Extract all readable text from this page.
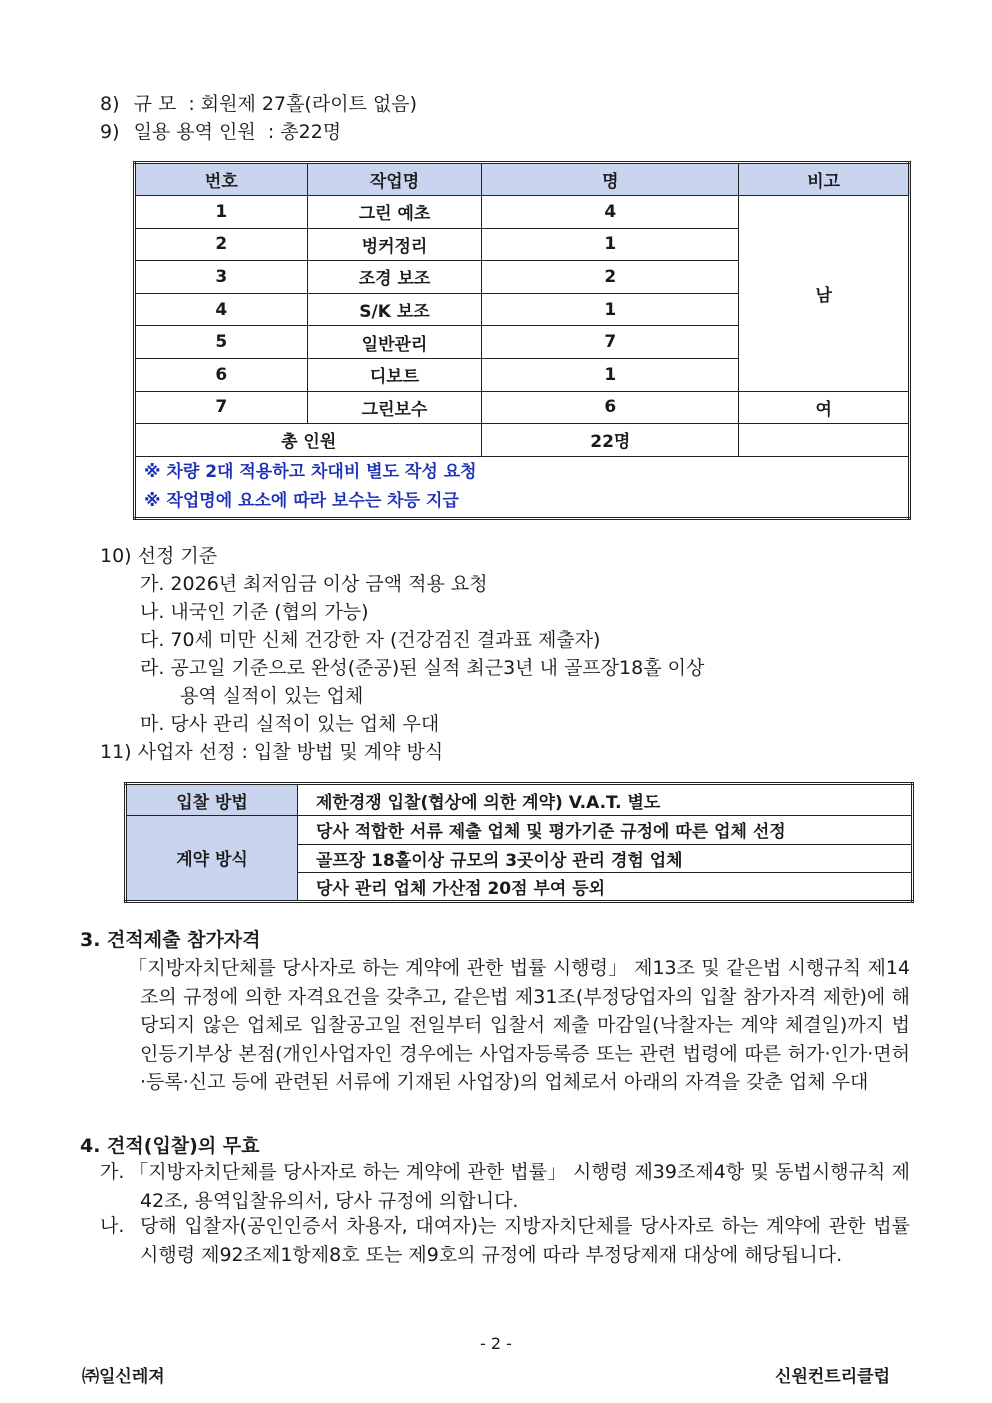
8) 규 모 : 회원제 27홀(라이트 없음)
9) 일용 용역 인원 : 총22명
번호	작업명	명	비고
1	그린 예초	4	남
2	벙커정리	1	
3	조경 보조	2	
4	S/K 보조	1	
5	일반관리	7	
6	디보트	1	
7	그린보수	6	여
총 인원		22명	

※ 차량 2대 적용하고 차대비 별도 작성 요청
※ 작업명에 요소에 따라 보수는 차등 지급			
10) 선정 기준
가. 2026년 최저임금 이상 금액 적용 요청
나. 내국인 기준 (협의 가능)
다. 70세 미만 신체 건강한 자 (건강검진 결과표 제출자)
라. 공고일 기준으로 완성(준공)된 실적 최근3년 내 골프장18홀 이상
용역 실적이 있는 업체
마. 당사 관리 실적이 있는 업체 우대
11) 사업자 선정 : 입찰 방법 및 계약 방식
입찰 방법	제한경쟁 입찰(협상에 의한 계약) V.A.T. 별도
계약 방식	당사 적합한 서류 제출 업체 및 평가기준 규정에 따른 업체 선정
	골프장 18홀이상 규모의 3곳이상 관리 경험 업체
	당사 관리 업체 가산점 20점 부여 등외
3. 견적제출 참가자격
「지방자치단체를 당사자로 하는 계약에 관한 법률 시행령」 제13조 및 같은법 시행규칙 제14조의 규정에 의한 자격요건을 갖추고, 같은법 제31조(부정당업자의 입찰 참가자격 제한)에 해당되지 않은 업체로 입찰공고일 전일부터 입찰서 제출 마감일(낙찰자는 계약 체결일)까지 법인등기부상 본점(개인사업자인 경우에는 사업자등록증 또는 관련 법령에 따른 허가·인가·면허·등록·신고 등에 관련된 서류에 기재된 사업장)의 업체로서 아래의 자격을 갖춘 업체 우대
4. 견적(입찰)의 무효
가. 「지방자치단체를 당사자로 하는 계약에 관한 법률」 시행령 제39조제4항 및 동법시행규칙 제42조, 용역입찰유의서, 당사 규정에 의합니다.
나. 당해 입찰자(공인인증서 차용자, 대여자)는 지방자치단체를 당사자로 하는 계약에 관한 법률 시행령 제92조제1항제8호 또는 제9호의 규정에 따라 부정당제재 대상에 해당됩니다.
- 2 -
㈜일신레져	신원컨트리클럽
